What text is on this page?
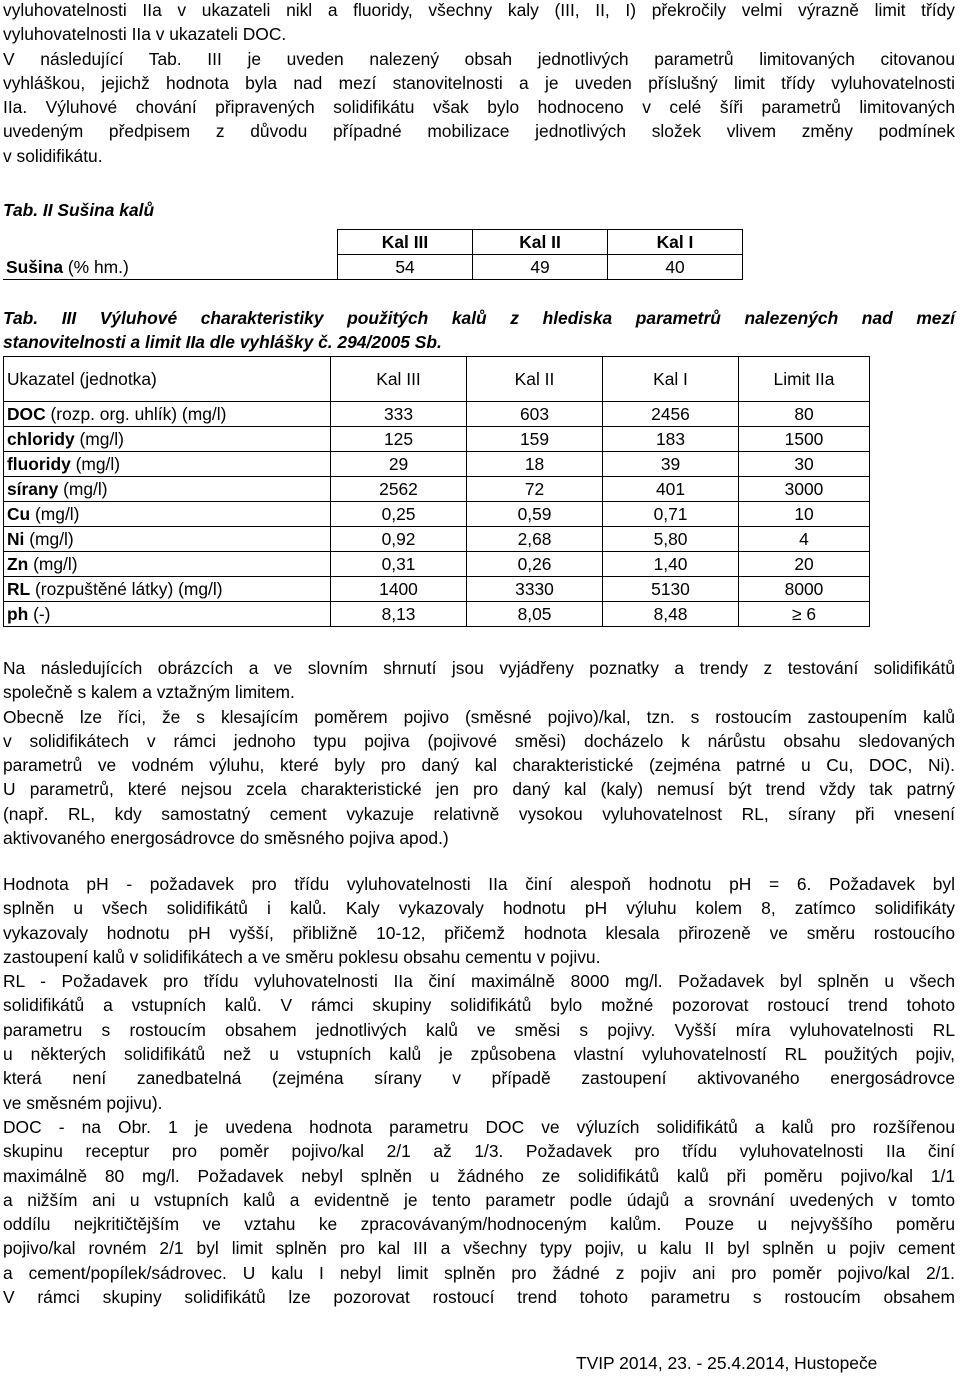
vyluhovatelnosti IIa v ukazateli nikl a fluoridy, všechny kaly (III, II, I) překročily velmi výrazně limit třídy
vyluhovatelnosti IIa v ukazateli DOC.
V následující Tab. III je uveden nalezený obsah jednotlivých parametrů limitovaných citovanou
vyhláškou, jejichž hodnota byla nad mezí stanovitelnosti a je uveden příslušný limit třídy vyluhovatelnosti
IIa. Výluhové chování připravených solidifikátu však bylo hodnoceno v celé šíři parametrů limitovaných
uvedeným předpisem z důvodu případné mobilizace jednotlivých složek vlivem změny podmínek
v solidifikátu.
Tab. II Sušina kalů
	Kal III	Kal II	Kal I
Sušina (% hm.)	54	49	40
Tab. III Výluhové charakteristiky použitých kalů z hlediska parametrů nalezených nad mezí
stanovitelnosti a limit IIa dle vyhlášky č. 294/2005 Sb.
Ukazatel (jednotka)	Kal III	Kal II	Kal I	Limit IIa
DOC (rozp. org. uhlík) (mg/l)	333	603	2456	80
chloridy (mg/l)	125	159	183	1500
fluoridy (mg/l)	29	18	39	30
sírany (mg/l)	2562	72	401	3000
Cu (mg/l)	0,25	0,59	0,71	10
Ni (mg/l)	0,92	2,68	5,80	4
Zn (mg/l)	0,31	0,26	1,40	20
RL (rozpuštěné látky) (mg/l)	1400	3330	5130	8000
ph (-)	8,13	8,05	8,48	≥ 6
Na následujících obrázcích a ve slovním shrnutí jsou vyjádřeny poznatky a trendy z testování solidifikátů
společně s kalem a vztažným limitem.
Obecně lze říci, že s klesajícím poměrem pojivo (směsné pojivo)/kal, tzn. s rostoucím zastoupením kalů
v solidifikátech v rámci jednoho typu pojiva (pojivové směsi) docházelo k nárůstu obsahu sledovaných
parametrů ve vodném výluhu, které byly pro daný kal charakteristické (zejména patrné u Cu, DOC, Ni).
U parametrů, které nejsou zcela charakteristické jen pro daný kal (kaly) nemusí být trend vždy tak patrný
(např. RL, kdy samostatný cement vykazuje relativně vysokou vyluhovatelnost RL, sírany při vnesení
aktivovaného energosádrovce do směsného pojiva apod.)
Hodnota pH - požadavek pro třídu vyluhovatelnosti IIa činí alespoň hodnotu pH = 6. Požadavek byl
splněn u všech solidifikátů i kalů. Kaly vykazovaly hodnotu pH výluhu kolem 8, zatímco solidifikáty
vykazovaly hodnotu pH vyšší, přibližně 10-12, přičemž hodnota klesala přirozeně ve směru rostoucího
zastoupení kalů v solidifikátech a ve směru poklesu obsahu cementu v pojivu.
RL - Požadavek pro třídu vyluhovatelnosti IIa činí maximálně 8000 mg/l. Požadavek byl splněn u všech
solidifikátů a vstupních kalů. V rámci skupiny solidifikátů bylo možné pozorovat rostoucí trend tohoto
parametru s rostoucím obsahem jednotlivých kalů ve směsi s pojivy. Vyšší míra vyluhovatelnosti RL
u některých solidifikátů než u vstupních kalů je způsobena vlastní vyluhovatelností RL použitých pojiv,
která není zanedbatelná (zejména sírany v případě zastoupení aktivovaného energosádrovce
ve směsném pojivu).
DOC - na Obr. 1 je uvedena hodnota parametru DOC ve výluzích solidifikátů a kalů pro rozšířenou
skupinu receptur pro poměr pojivo/kal 2/1 až 1/3. Požadavek pro třídu vyluhovatelnosti IIa činí
maximálně 80 mg/l. Požadavek nebyl splněn u žádného ze solidifikátů kalů při poměru pojivo/kal 1/1
a nižším ani u vstupních kalů a evidentně je tento parametr podle údajů a srovnání uvedených v tomto
oddílu nejkritičtějším ve vztahu ke zpracovávaným/hodnoceným kalům. Pouze u nejvyššího poměru
pojivo/kal rovném 2/1 byl limit splněn pro kal III a všechny typy pojiv, u kalu II byl splněn u pojiv cement
a cement/popílek/sádrovec. U kalu I nebyl limit splněn pro žádné z pojiv ani pro poměr pojivo/kal 2/1.
V rámci skupiny solidifikátů lze pozorovat rostoucí trend tohoto parametru s rostoucím obsahem
TVIP 2014, 23. - 25.4.2014, Hustopeče
